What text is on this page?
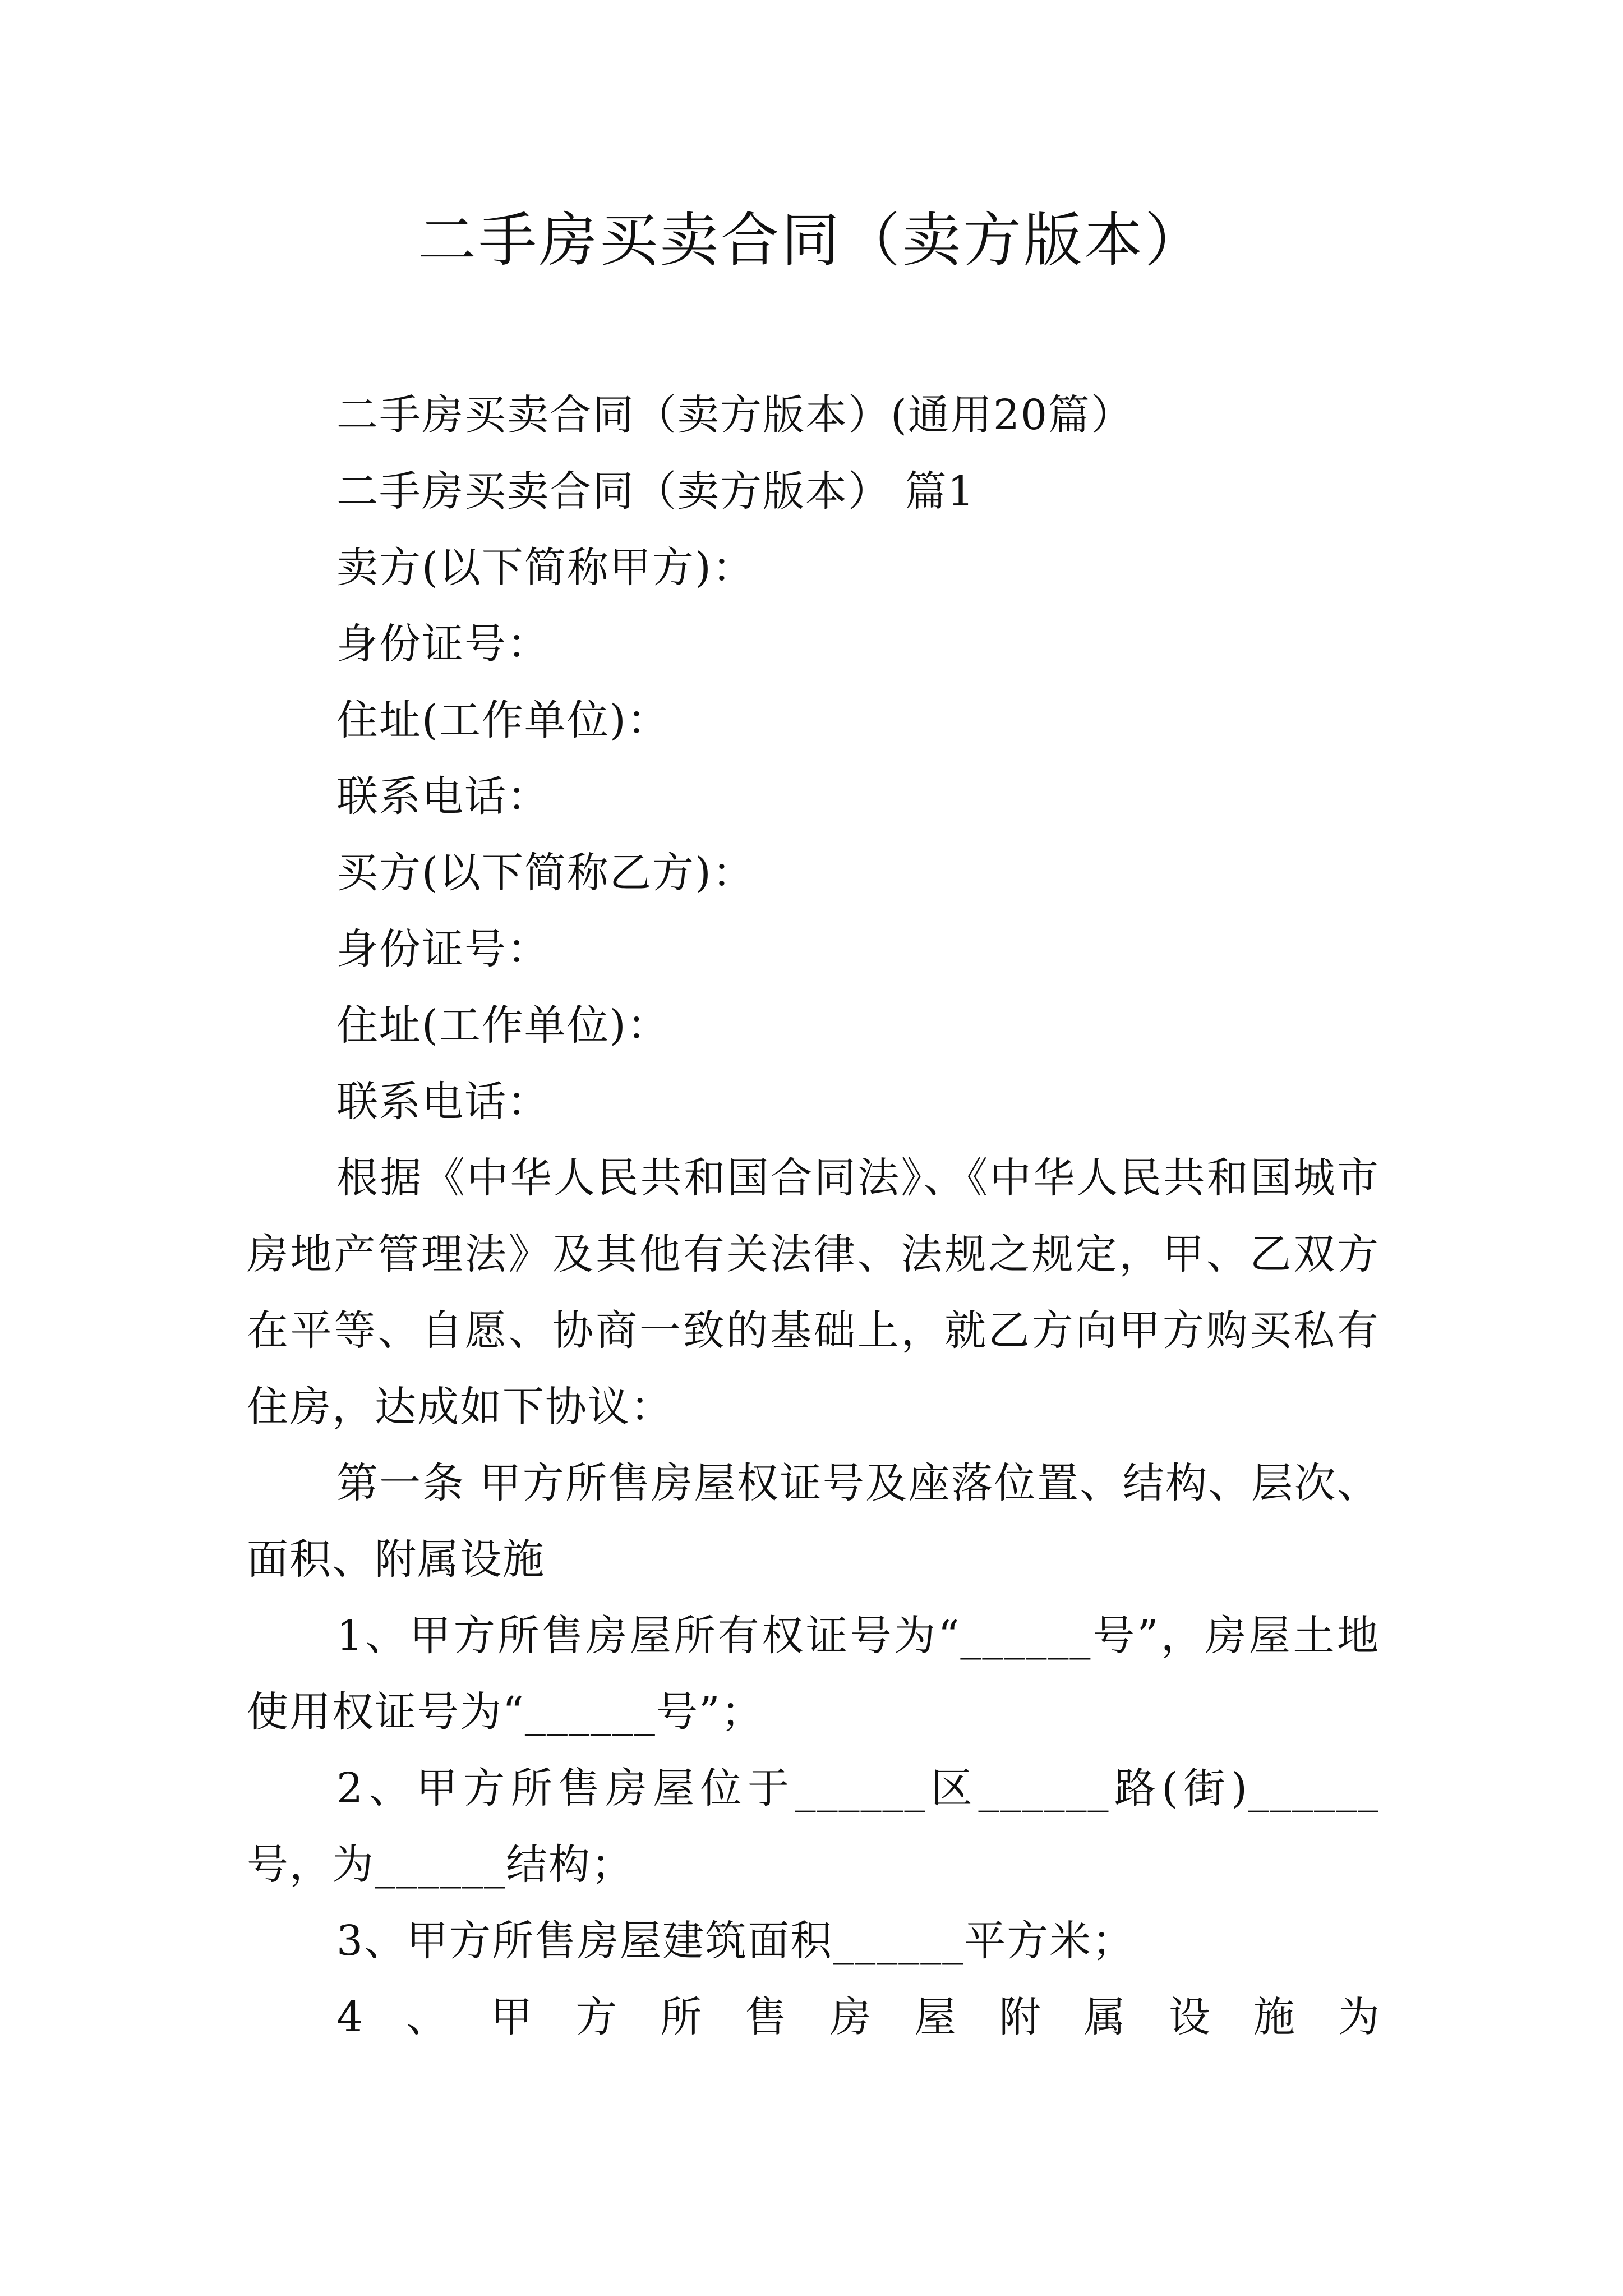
二手房买卖合同（卖方版本）

二手房买卖合同（卖方版本）(通用20篇）

二手房买卖合同（卖方版本） 篇1

卖方(以下简称甲方)：

身份证号：

住址(工作单位)：

联系电话：

买方(以下简称乙方)：

身份证号：

住址(工作单位)：

联系电话：

根据《中华人民共和国合同法》、《中华人民共和国城市房地产管理法》及其他有关法律、法规之规定，甲、乙双方在平等、自愿、协商一致的基础上，就乙方向甲方购买私有住房，达成如下协议：

第一条 甲方所售房屋权证号及座落位置、结构、层次、面积、附属设施

1、甲方所售房屋所有权证号为“______号”，房屋土地使用权证号为“______号”；

2、甲方所售房屋位于______区______路(街)______号，为______结构；

3、甲方所售房屋建筑面积______平方米；

4、甲方所售房屋附属设施为
